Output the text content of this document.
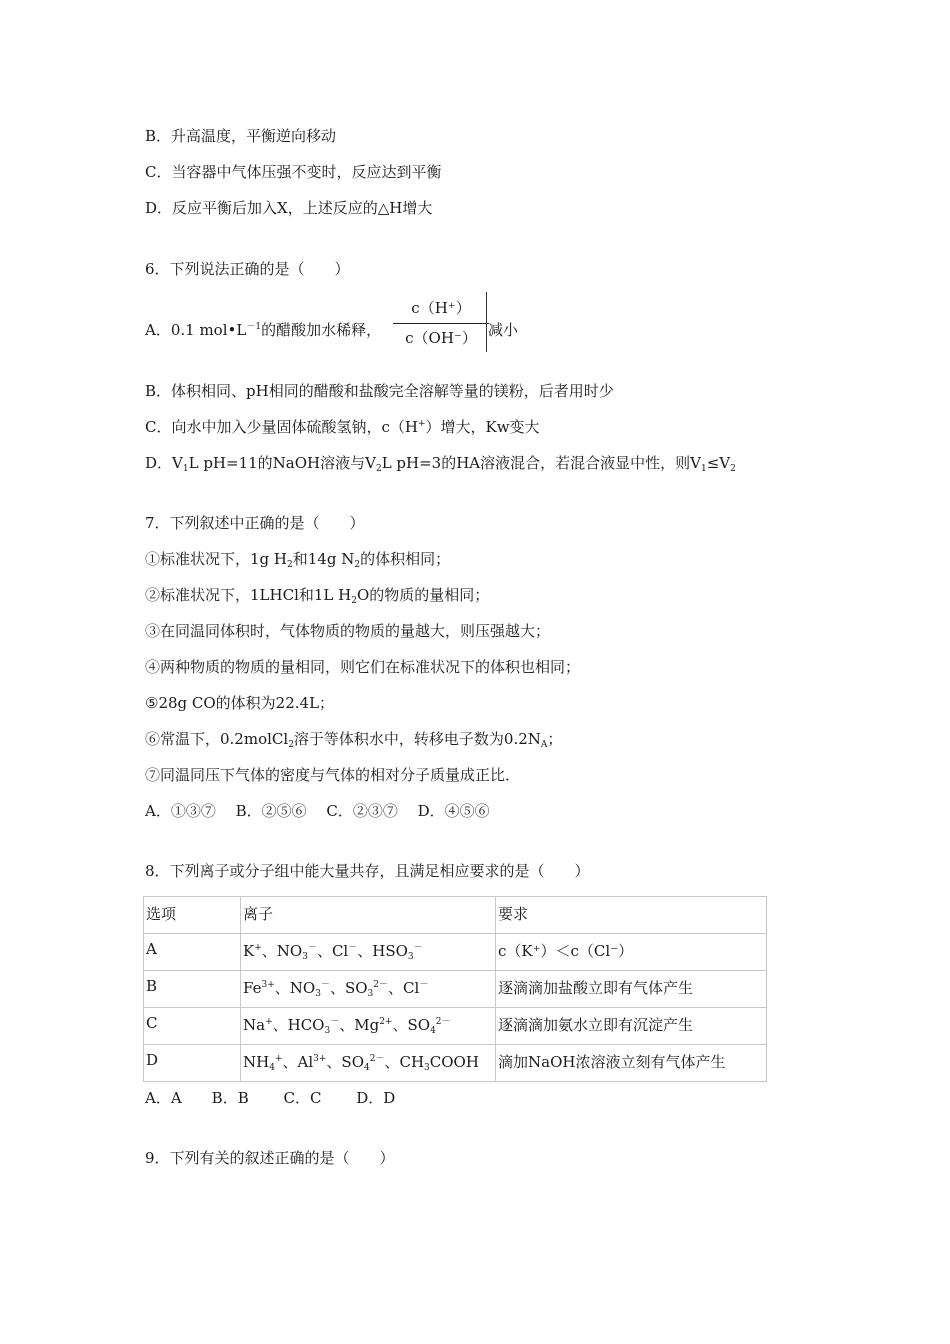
B．升高温度，平衡逆向移动
C．当容器中气体压强不变时，反应达到平衡
D．反应平衡后加入X，上述反应的△H增大
6．下列说法正确的是（　　）
A．0.1 $mol•L^{-1}$的醋酸加水稀释，
c（H⁺）
c（OH⁻） 减小
B．体积相同、pH相同的醋酸和盐酸完全溶解等量的镁粉，后者用时少
C．向水中加入少量固体硫酸氢钠，c（H+）增大，Kw变大
D．$V_1L$ pH=11的NaOH溶液与$V_2L$ pH=3的HA溶液混合，若混合液显中性，则$V_1\le V_2$
7．下列叙述中正确的是（　　）
①标准状况下，1g $H_2$和14g $N_2$的体积相同；
②标准状况下，1LHCl和1L $H_2O$的物质的量相同；
③在同温同体积时，气体物质的物质的量越大，则压强越大；
④两种物质的物质的量相同，则它们在标准状况下的体积也相同；
⑤28g CO的体积为22.4L；
⑥常温下，0.2molCl$_2$溶于等体积水中，转移电子数为$0.2N_A$；
⑦同温同压下气体的密度与气体的相对分子质量成正比．
A．①③⑦　 B．②⑤⑥　 C．②③⑦　 D．④⑤⑥
8．下列离子或分子组中能大量共存，且满足相应要求的是（　　）
选项	离子	要求
A	K+、$NO_3^-$、Cl－、$HSO_3^-$	c（K⁺）＜c（Cl⁻）
B	$Fe^{3+}$、$NO_3^-$、$SO_3^{2-}$、Cl－	逐滴滴加盐酸立即有气体产生
C	Na+、$HCO_3^-$、$Mg^{2+}$、$SO_4^{2-}$	逐滴滴加氨水立即有沉淀产生
D	$NH_4^+$、$Al^{3+}$、$SO_4^{2-}$、$CH_3COOH$	滴加NaOH浓溶液立刻有气体产生
A．A　　B．B　　 C．C　　 D．D
9．下列有关的叙述正确的是（　　）
